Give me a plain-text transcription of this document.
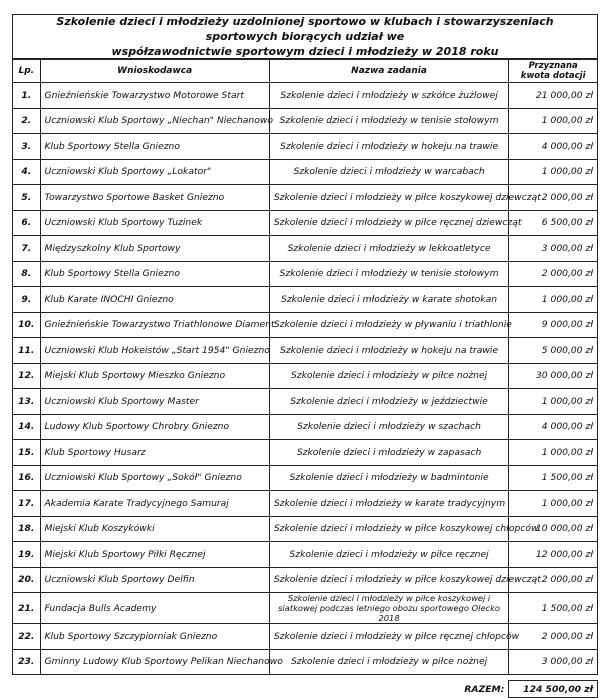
Szkolenie dzieci i młodzieży uzdolnionej sportowo w klubach i stowarzyszeniach sportowych biorących udział we
współzawodnictwie sportowym dzieci i młodzieży w 2018 roku
Lp.	Wnioskodawca	Nazwa zadania	Przyznana kwota dotacji
1.	Gnieźnieńskie Towarzystwo Motorowe Start	Szkolenie dzieci i młodzieży w szkółce żużlowej	21 000,00 zł
2.	Uczniowski Klub Sportowy „Niechan" Niechanowo	Szkolenie dzieci i młodzieży w tenisie stołowym	1 000,00 zł
3.	Klub Sportowy Stella Gniezno	Szkolenie dzieci i młodzieży w hokeju na trawie	4 000,00 zł
4.	Uczniowski Klub Sportowy „Lokator"	Szkolenie dzieci i młodzieży w warcabach	1 000,00 zł
5.	Towarzystwo Sportowe Basket Gniezno	Szkolenie dzieci i młodzieży w piłce koszykowej dziewcząt	2 000,00 zł
6.	Uczniowski Klub Sportowy Tuzinek	Szkolenie dzieci i młodzieży w piłce ręcznej dziewcząt	6 500,00 zł
7.	Międzyszkolny Klub Sportowy	Szkolenie dzieci i młodzieży w lekkoatletyce	3 000,00 zł
8.	Klub Sportowy Stella Gniezno	Szkolenie dzieci i młodzieży w tenisie stołowym	2 000,00 zł
9.	Klub Karate INOCHI Gniezno	Szkolenie dzieci i młodzieży w karate shotokan	1 000,00 zł
10.	Gnieźnieńskie Towarzystwo Triathlonowe Diament	Szkolenie dzieci i młodzieży w pływaniu i triathlonie	9 000,00 zł
11.	Uczniowski Klub Hokeistów „Start 1954" Gniezno	Szkolenie dzieci i młodzieży w hokeju na trawie	5 000,00 zł
12.	Miejski Klub Sportowy Mieszko Gniezno	Szkolenie dzieci i młodzieży w piłce nożnej	30 000,00 zł
13.	Uczniowski Klub Sportowy Master	Szkolenie dzieci i młodzieży w jeździectwie	1 000,00 zł
14.	Ludowy Klub Sportowy Chrobry Gniezno	Szkolenie dzieci i młodzieży w szachach	4 000,00 zł
15.	Klub Sportowy Husarz	Szkolenie dzieci i młodzieży w zapasach	1 000,00 zł
16.	Uczniowski Klub Sportowy „Sokół" Gniezno	Szkolenie dzieci i młodzieży w badmintonie	1 500,00 zł
17.	Akademia Karate Tradycyjnego Samuraj	Szkolenie dzieci i młodzieży w karate tradycyjnym	1 000,00 zł
18.	Miejski Klub Koszykówki	Szkolenie dzieci i młodzieży w piłce koszykowej chłopców	10 000,00 zł
19.	Miejski Klub Sportowy Piłki Ręcznej	Szkolenie dzieci i młodzieży w piłce ręcznej	12 000,00 zł
20.	Uczniowski Klub Sportowy Delfin	Szkolenie dzieci i młodzieży w piłce koszykowej dziewcząt	2 000,00 zł
21.	Fundacja Bulls Academy	Szkolenie dzieci i młodzieży w piłce koszykowej i siatkowej podczas letniego obozu sportowego Olecko 2018	1 500,00 zł
22.	Klub Sportowy Szczypiorniak Gniezno	Szkolenie dzieci i młodzieży w piłce ręcznej chłopców	2 000,00 zł
23.	Gminny Ludowy Klub Sportowy Pelikan Niechanowo	Szkolenie dzieci i młodzieży w piłce nożnej	3 000,00 zł

RAZEM:			124 500,00 zł
